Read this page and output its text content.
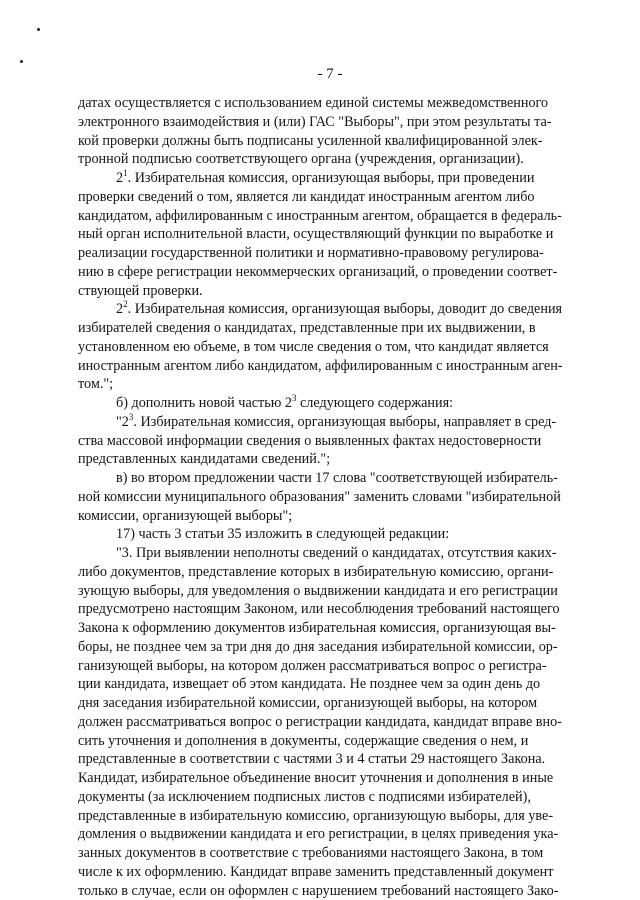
- 7 -

датах осуществляется с использованием единой системы межведомственного
электронного взаимодействия и (или) ГАС "Выборы", при этом результаты та-
кой проверки должны быть подписаны усиленной квалифицированной элек-
тронной подписью соответствующего органа (учреждения, организации).

$2^1$. Избирательная комиссия, организующая выборы, при проведении
проверки сведений о том, является ли кандидат иностранным агентом либо
кандидатом, аффилированным с иностранным агентом, обращается в федераль-
ный орган исполнительной власти, осуществляющий функции по выработке и
реализации государственной политики и нормативно-правовому регулирова-
нию в сфере регистрации некоммерческих организаций, о проведении соответ-
ствующей проверки.

$2^2$. Избирательная комиссия, организующая выборы, доводит до сведения
избирателей сведения о кандидатах, представленные при их выдвижении, в
установленном ею объеме, в том числе сведения о том, что кандидат является
иностранным агентом либо кандидатом, аффилированным с иностранным аген-
том.";

б) дополнить новой частью $2^3$ следующего содержания:

"$2^3$. Избирательная комиссия, организующая выборы, направляет в сред-
ства массовой информации сведения о выявленных фактах недостоверности
представленных кандидатами сведений.";

в) во втором предложении части 17 слова "соответствующей избиратель-
ной комиссии муниципального образования" заменить словами "избирательной
комиссии, организующей выборы";

17) часть 3 статьи 35 изложить в следующей редакции:

"3. При выявлении неполноты сведений о кандидатах, отсутствия каких-
либо документов, представление которых в избирательную комиссию, органи-
зующую выборы, для уведомления о выдвижении кандидата и его регистрации
предусмотрено настоящим Законом, или несоблюдения требований настоящего
Закона к оформлению документов избирательная комиссия, организующая вы-
боры, не позднее чем за три дня до дня заседания избирательной комиссии, ор-
ганизующей выборы, на котором должен рассматриваться вопрос о регистра-
ции кандидата, извещает об этом кандидата. Не позднее чем за один день до
дня заседания избирательной комиссии, организующей выборы, на котором
должен рассматриваться вопрос о регистрации кандидата, кандидат вправе вно-
сить уточнения и дополнения в документы, содержащие сведения о нем, и
представленные в соответствии с частями 3 и 4 статьи 29 настоящего Закона.
Кандидат, избирательное объединение вносит уточнения и дополнения в иные
документы (за исключением подписных листов с подписями избирателей),
представленные в избирательную комиссию, организующую выборы, для уве-
домления о выдвижении кандидата и его регистрации, в целях приведения ука-
занных документов в соответствие с требованиями настоящего Закона, в том
числе к их оформлению. Кандидат вправе заменить представленный документ
только в случае, если он оформлен с нарушением требований настоящего Зако-
